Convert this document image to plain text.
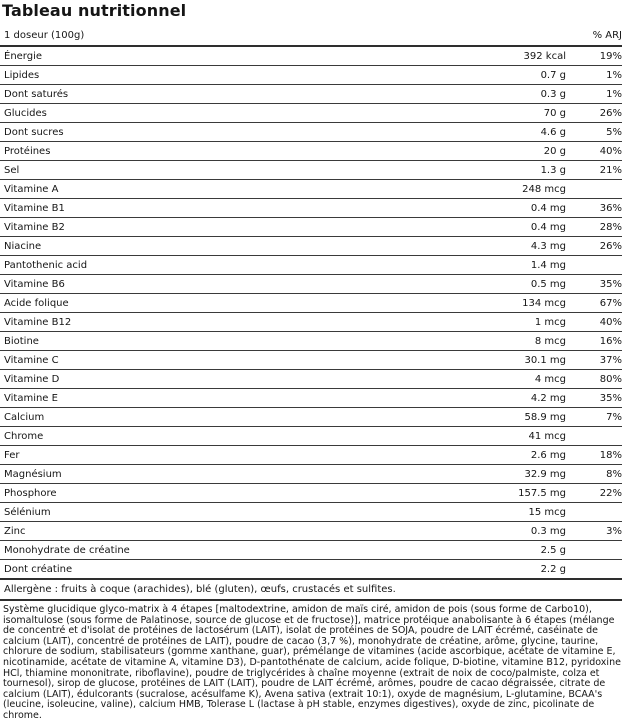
Tableau nutritionnel
1 doseur (100g)	% ARJ
Énergie	392 kcal	19%
Lipides	0.7 g	1%
Dont saturés	0.3 g	1%
Glucides	70 g	26%
Dont sucres	4.6 g	5%
Protéines	20 g	40%
Sel	1.3 g	21%
Vitamine A	248 mcg
Vitamine B1	0.4 mg	36%
Vitamine B2	0.4 mg	28%
Niacine	4.3 mg	26%
Pantothenic acid	1.4 mg
Vitamine B6	0.5 mg	35%
Acide folique	134 mcg	67%
Vitamine B12	1 mcg	40%
Biotine	8 mcg	16%
Vitamine C	30.1 mg	37%
Vitamine D	4 mcg	80%
Vitamine E	4.2 mg	35%
Calcium	58.9 mg	7%
Chrome	41 mcg
Fer	2.6 mg	18%
Magnésium	32.9 mg	8%
Phosphore	157.5 mg	22%
Sélénium	15 mcg
Zinc	0.3 mg	3%
Monohydrate de créatine	2.5 g
Dont créatine	2.2 g
Allergène : fruits à coque (arachides), blé (gluten), œufs, crustacés et sulfites.
Système glucidique glyco-matrix à 4 étapes [maltodextrine, amidon de maïs ciré, amidon de pois (sous forme de Carbo10), isomaltulose (sous forme de Palatinose, source de glucose et de fructose)], matrice protéique anabolisante à 6 étapes (mélange de concentré et d'isolat de protéines de lactosérum (LAIT), isolat de protéines de SOJA, poudre de LAIT écrémé, caséinate de calcium (LAIT), concentré de protéines de LAIT), poudre de cacao (3,7 %), monohydrate de créatine, arôme, glycine, taurine, chlorure de sodium, stabilisateurs (gomme xanthane, guar), prémélange de vitamines (acide ascorbique, acétate de vitamine E, nicotinamide, acétate de vitamine A, vitamine D3), D-pantothénate de calcium, acide folique, D-biotine, vitamine B12, pyridoxine HCl, thiamine mononitrate, riboflavine), poudre de triglycérides à chaîne moyenne (extrait de noix de coco/palmiste, colza et tournesol), sirop de glucose, protéines de LAIT (LAIT), poudre de LAIT écrémé, arômes, poudre de cacao dégraissée, citrate de calcium (LAIT), édulcorants (sucralose, acésulfame K), Avena sativa (extrait 10:1), oxyde de magnésium, L-glutamine, BCAA's (leucine, isoleucine, valine), calcium HMB, Tolerase L (lactase à pH stable, enzymes digestives), oxyde de zinc, picolinate de chrome.
